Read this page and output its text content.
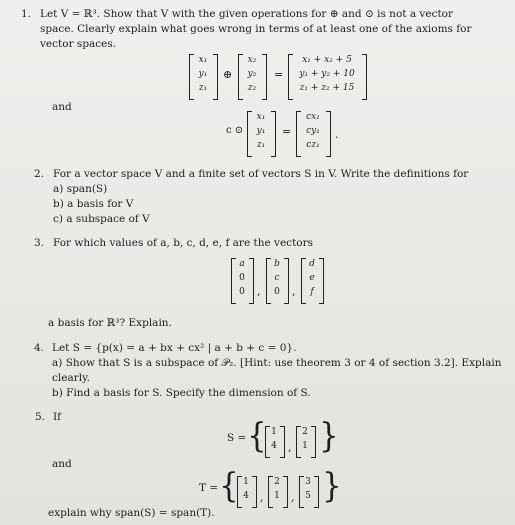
1. Let V = ℝ³. Show that V with the given operations for ⊕ and ⊙ is not a vector
space. Clearly explain what goes wrong in terms of at least one of the axioms for
vector spaces.
x₁
y₁
z₁
⊕
x₂
y₂
z₂
=
x₁ + x₂ + 5
y₁ + y₂ + 10
z₁ + z₂ + 15
and
c ⊙
x₁
y₁
z₁
=
cx₁
cy₁
cz₁
.
2. For a vector space V and a finite set of vectors S in V. Write the definitions for
a) span(S)
b) a basis for V
c) a subspace of V
3. For which values of a, b, c, d, e, f are the vectors
a
0
0	,
b
c
0	,
d
e
f
a basis for ℝ³? Explain.
4. Let S = {p(x) = a + bx + cx² | a + b + c = 0}.
a) Show that S is a subspace of 𝒫₂. [Hint: use theorem 3 or 4 of section 3.2]. Explain
clearly.
b) Find a basis for S. Specify the dimension of S.
5. If
S = { 1
4 ,
2
1 }
and
T = { 1
4 ,
2
1 ,
3
5 }
explain why span(S) = span(T).
